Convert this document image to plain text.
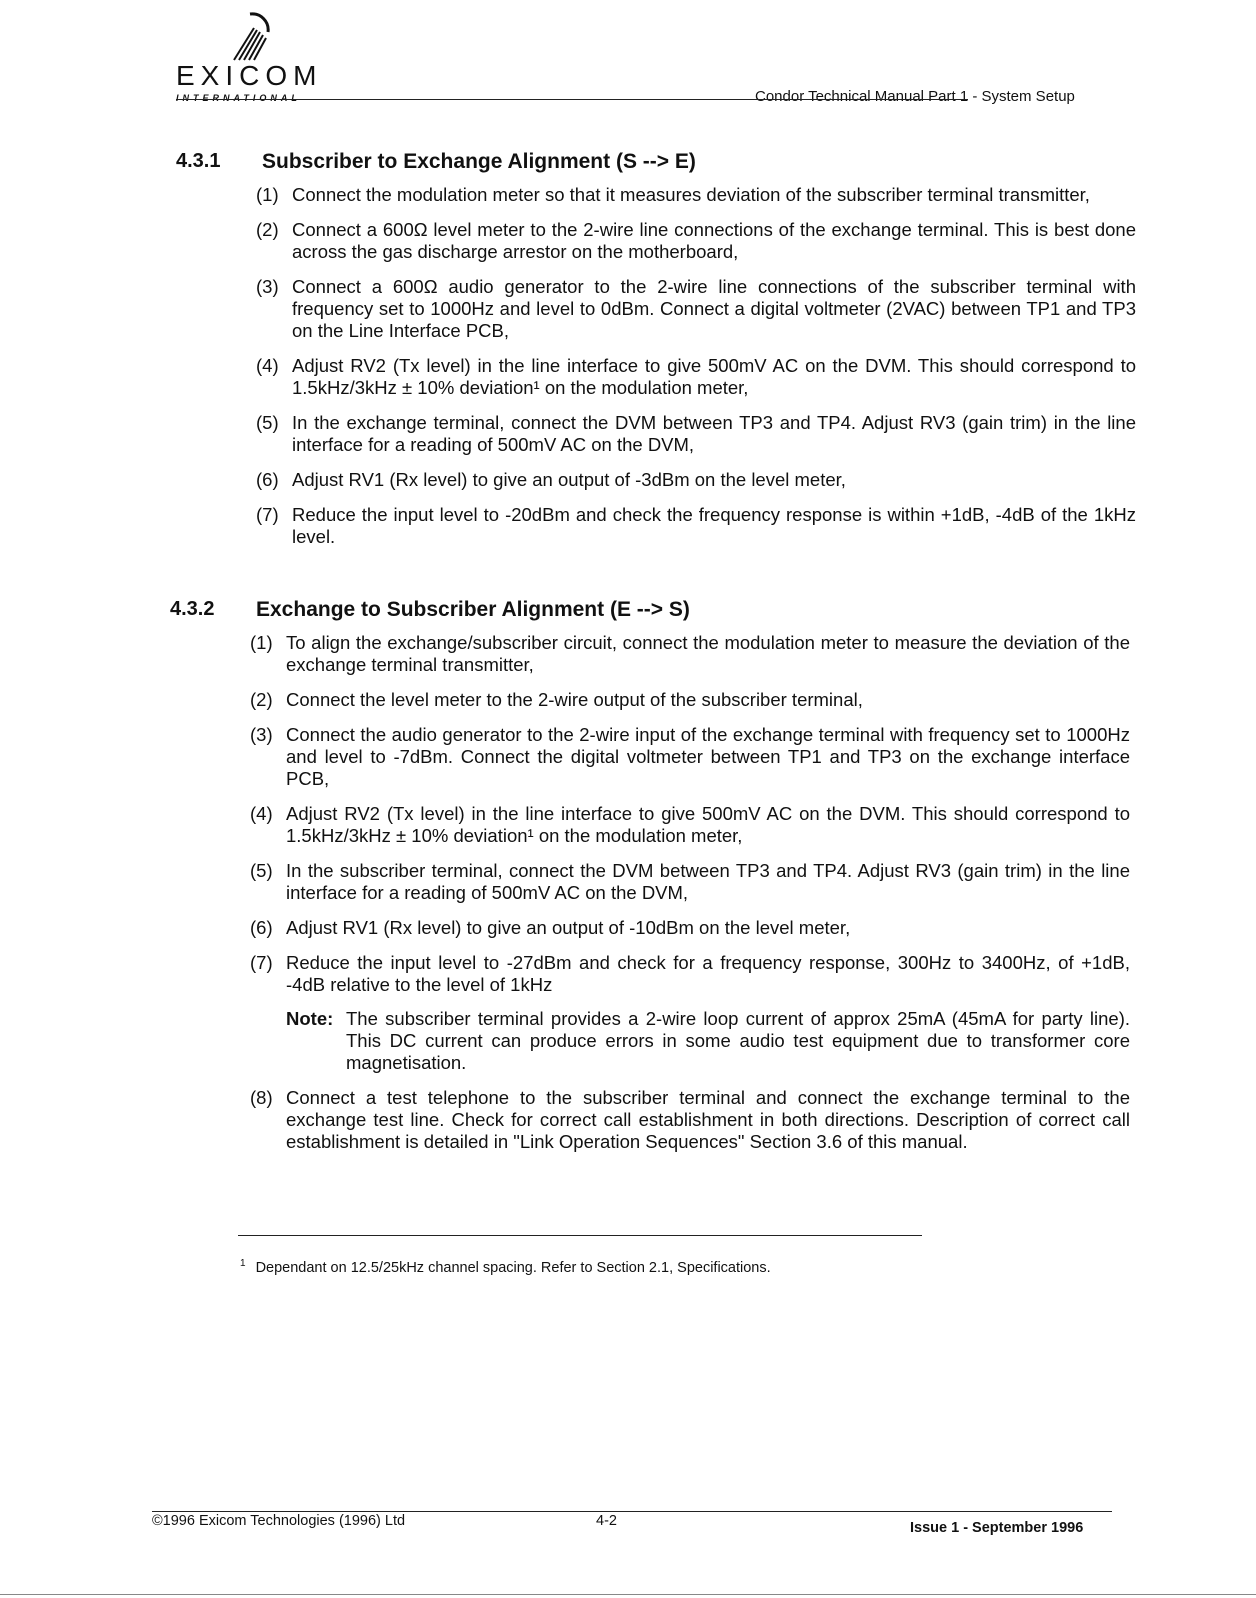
EXICOM
INTERNATIONAL	Condor Technical Manual Part 1 - System Setup
4.3.1 Subscriber to Exchange Alignment (S --> E)
(1) Connect the modulation meter so that it measures deviation of the subscriber terminal transmitter,
(2) Connect a 600Ω level meter to the 2-wire line connections of the exchange terminal. This is best done across the gas discharge arrestor on the motherboard,
(3) Connect a 600Ω audio generator to the 2-wire line connections of the subscriber terminal with frequency set to 1000Hz and level to 0dBm. Connect a digital voltmeter (2VAC) between TP1 and TP3 on the Line Interface PCB,
(4) Adjust RV2 (Tx level) in the line interface to give 500mV AC on the DVM. This should correspond to 1.5kHz/3kHz ± 10% deviation¹ on the modulation meter,
(5) In the exchange terminal, connect the DVM between TP3 and TP4. Adjust RV3 (gain trim) in the line interface for a reading of 500mV AC on the DVM,
(6) Adjust RV1 (Rx level) to give an output of -3dBm on the level meter,
(7) Reduce the input level to -20dBm and check the frequency response is within +1dB, -4dB of the 1kHz level.
4.3.2 Exchange to Subscriber Alignment (E --> S)
(1) To align the exchange/subscriber circuit, connect the modulation meter to measure the deviation of the exchange terminal transmitter,
(2) Connect the level meter to the 2-wire output of the subscriber terminal,
(3) Connect the audio generator to the 2-wire input of the exchange terminal with frequency set to 1000Hz and level to -7dBm. Connect the digital voltmeter between TP1 and TP3 on the exchange interface PCB,
(4) Adjust RV2 (Tx level) in the line interface to give 500mV AC on the DVM. This should correspond to 1.5kHz/3kHz ± 10% deviation¹ on the modulation meter,
(5) In the subscriber terminal, connect the DVM between TP3 and TP4. Adjust RV3 (gain trim) in the line interface for a reading of 500mV AC on the DVM,
(6) Adjust RV1 (Rx level) to give an output of -10dBm on the level meter,
(7) Reduce the input level to -27dBm and check for a frequency response, 300Hz to 3400Hz, of +1dB, -4dB relative to the level of 1kHz
Note: The subscriber terminal provides a 2-wire loop current of approx 25mA (45mA for party line). This DC current can produce errors in some audio test equipment due to transformer core magnetisation.
(8) Connect a test telephone to the subscriber terminal and connect the exchange terminal to the exchange test line. Check for correct call establishment in both directions. Description of correct call establishment is detailed in "Link Operation Sequences" Section 3.6 of this manual.
$^1$ Dependant on 12.5/25kHz channel spacing. Refer to Section 2.1, Specifications.
©1996 Exicom Technologies (1996) Ltd	4-2	Issue 1 - September 1996
